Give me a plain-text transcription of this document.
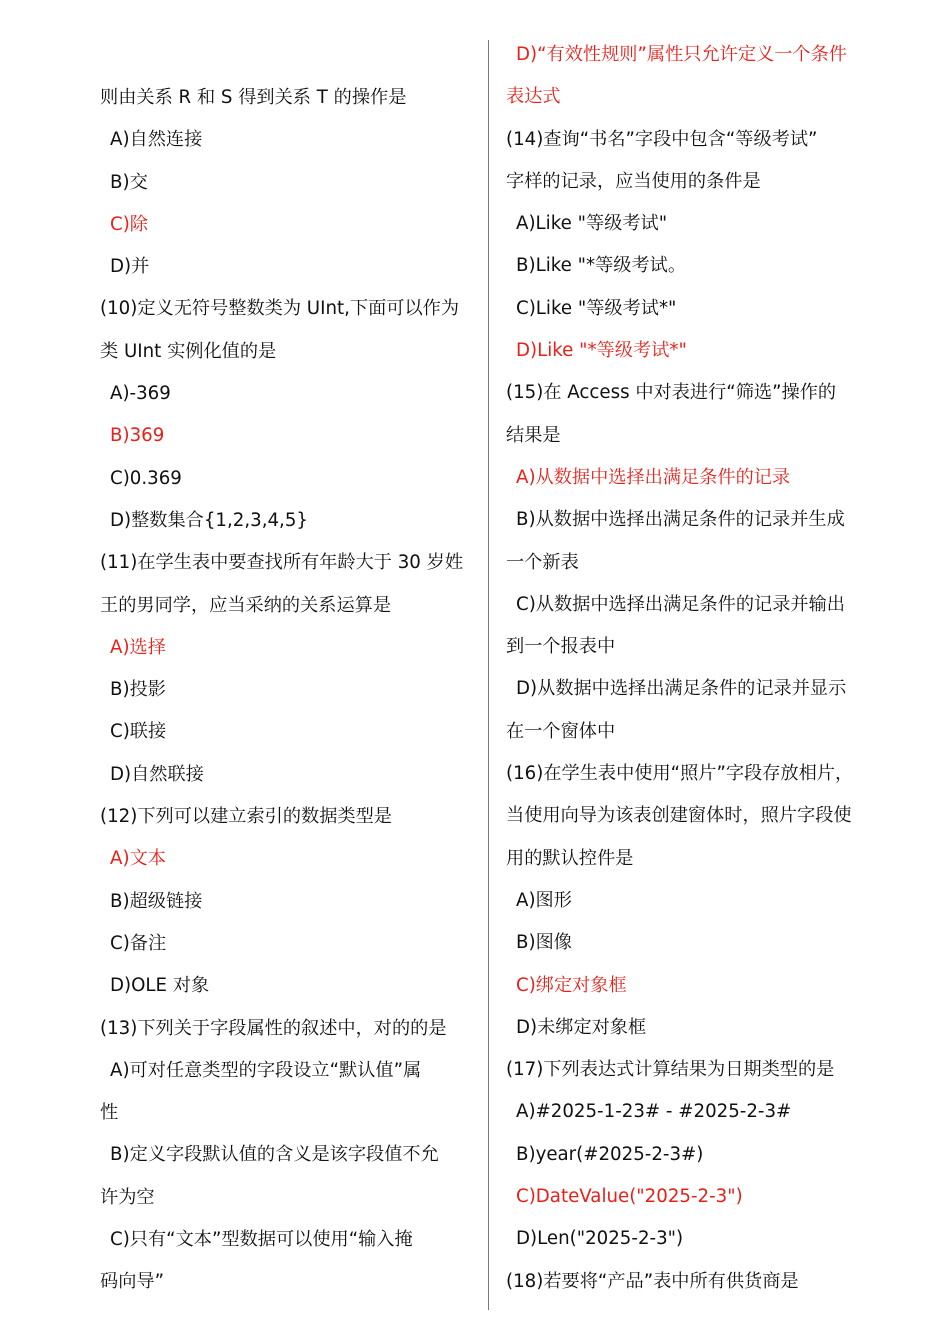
则由关系 R 和 S 得到关系 T 的操作是
A)自然连接
B)交
C)除
D)并
(10)定义无符号整数类为 UInt,下面可以作为
类 UInt 实例化值的是
A)-369
B)369
C)0.369
D)整数集合{1,2,3,4,5}
(11)在学生表中要查找所有年龄大于 30 岁姓
王的男同学，应当采纳的关系运算是
A)选择
B)投影
C)联接
D)自然联接
(12)下列可以建立索引的数据类型是
A)文本
B)超级链接
C)备注
D)OLE 对象
(13)下列关于字段属性的叙述中，对的的是
A)可对任意类型的字段设立“默认值”属
性
B)定义字段默认值的含义是该字段值不允
许为空
C)只有“文本”型数据可以使用“输入掩
码向导”
D)“有效性规则”属性只允许定义一个条件
表达式
(14)查询“书名”字段中包含“等级考试”
字样的记录，应当使用的条件是
A)Like "等级考试"
B)Like "*等级考试。
C)Like "等级考试*"
D)Like "*等级考试*"
(15)在 Access 中对表进行“筛选”操作的
结果是
A)从数据中选择出满足条件的记录
B)从数据中选择出满足条件的记录并生成
一个新表
C)从数据中选择出满足条件的记录并输出
到一个报表中
D)从数据中选择出满足条件的记录并显示
在一个窗体中
(16)在学生表中使用“照片”字段存放相片，
当使用向导为该表创建窗体时，照片字段使
用的默认控件是
A)图形
B)图像
C)绑定对象框
D)未绑定对象框
(17)下列表达式计算结果为日期类型的是
A)#2025-1-23# - #2025-2-3#
B)year(#2025-2-3#)
C)DateValue("2025-2-3")
D)Len("2025-2-3")
(18)若要将“产品”表中所有供货商是
